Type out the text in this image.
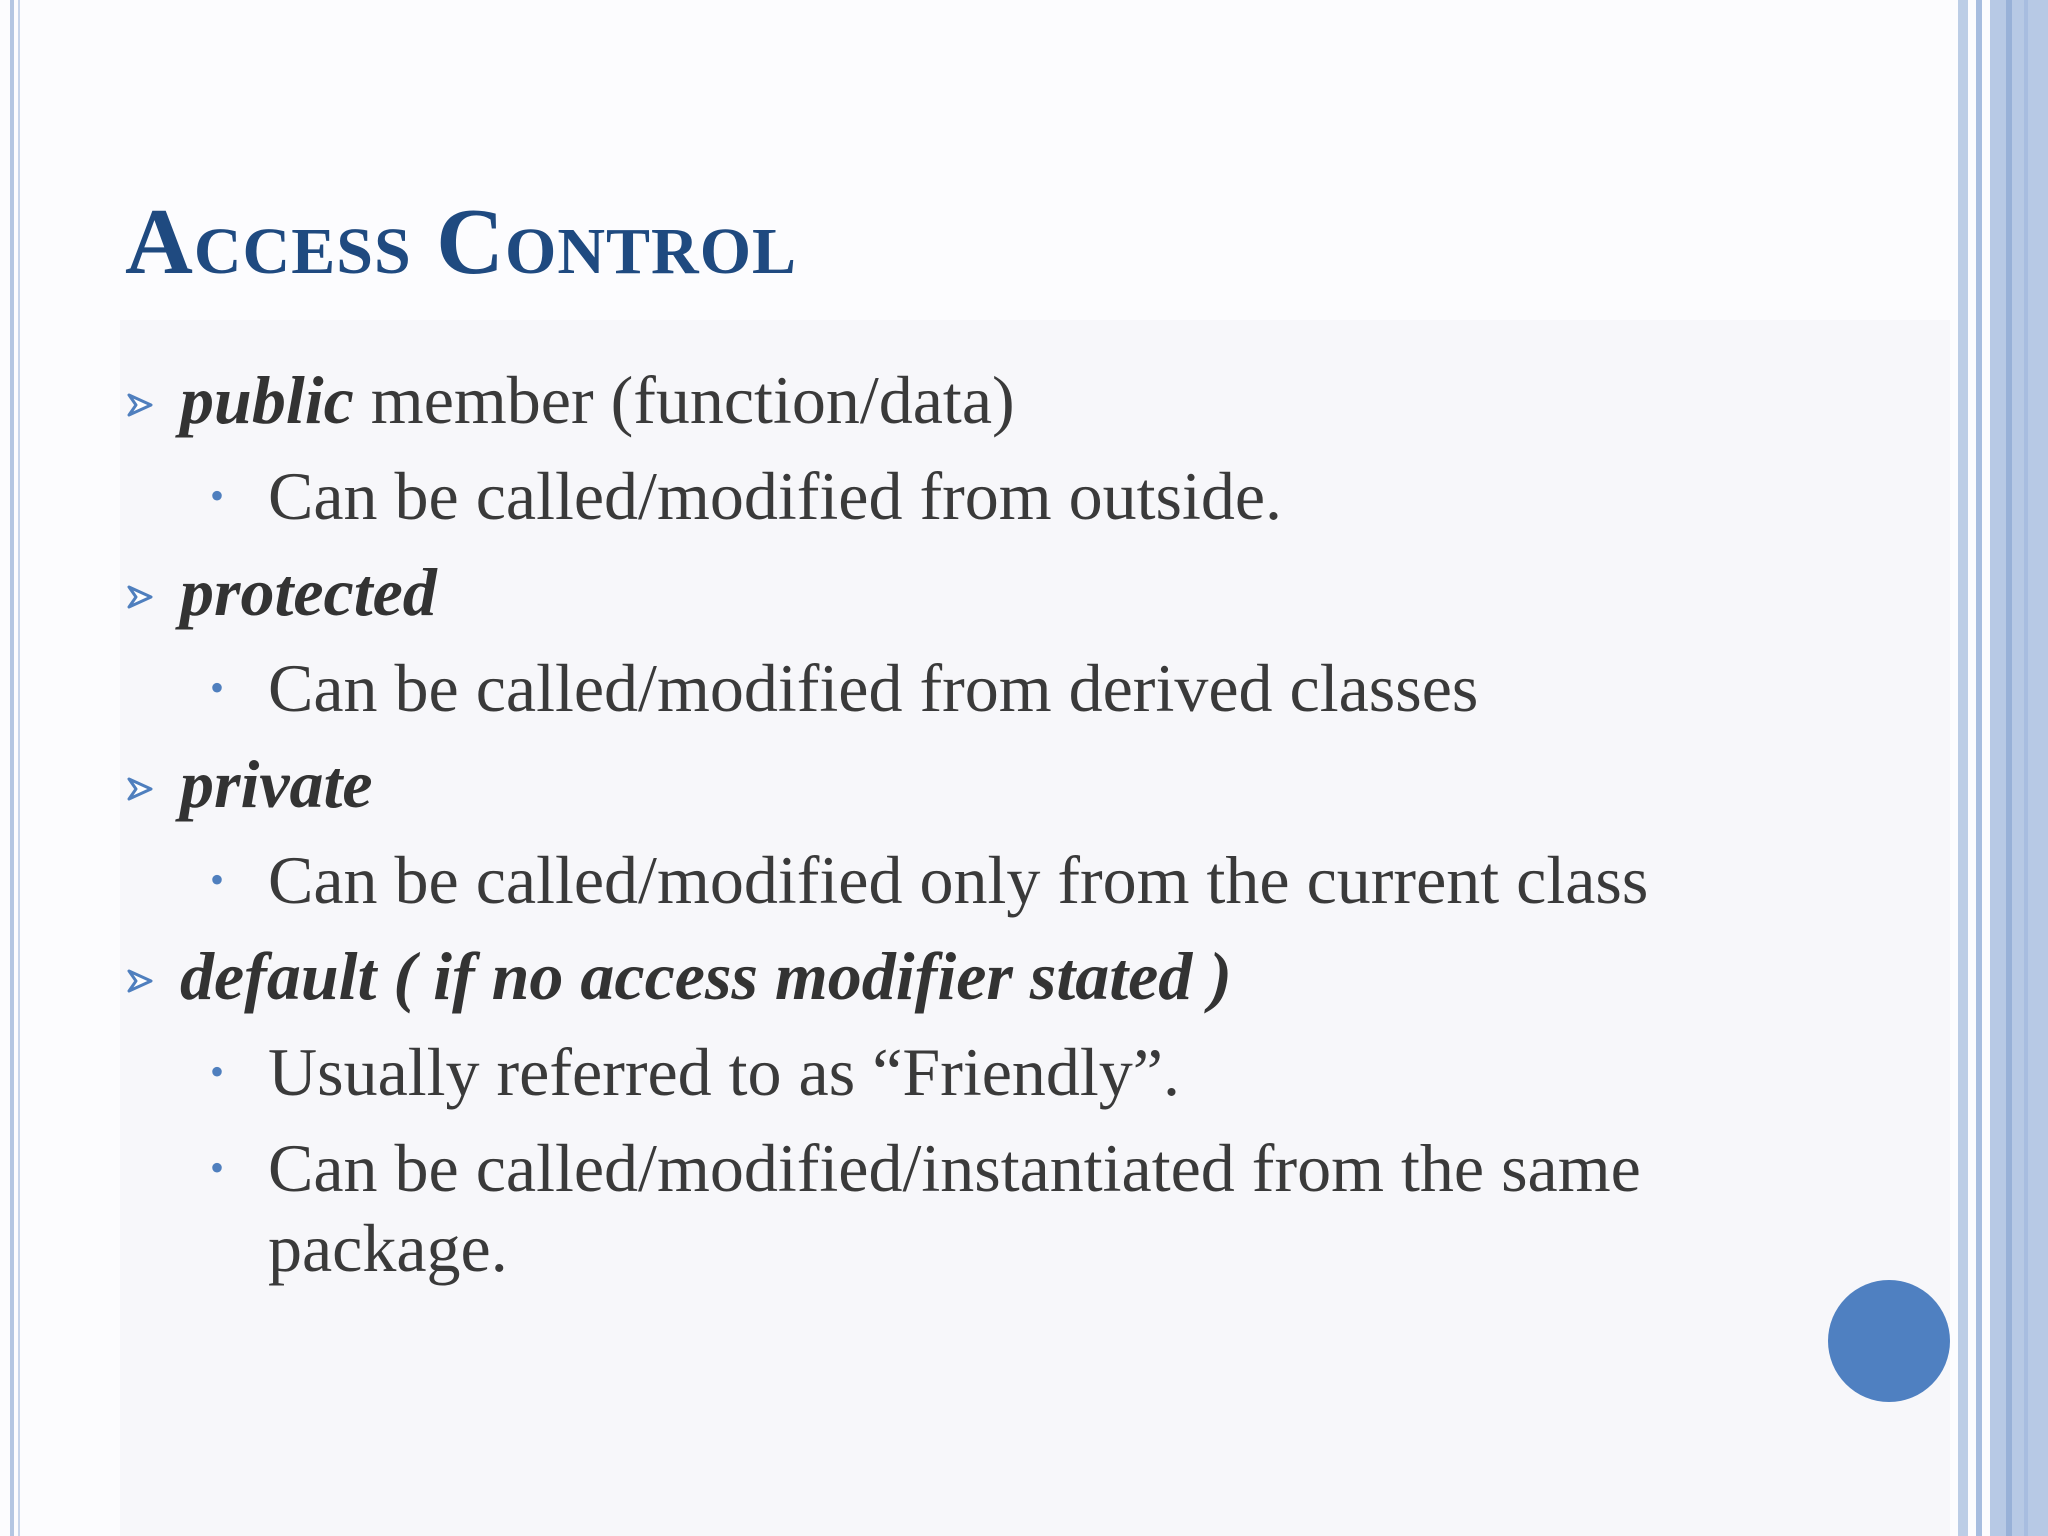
Access Control
public member (function/data)
• Can be called/modified from outside.
protected
• Can be called/modified from derived classes
private
• Can be called/modified only from the current class
default ( if no access modifier stated )
• Usually referred to as “Friendly”.
• Can be called/modified/instantiated from the same package.
